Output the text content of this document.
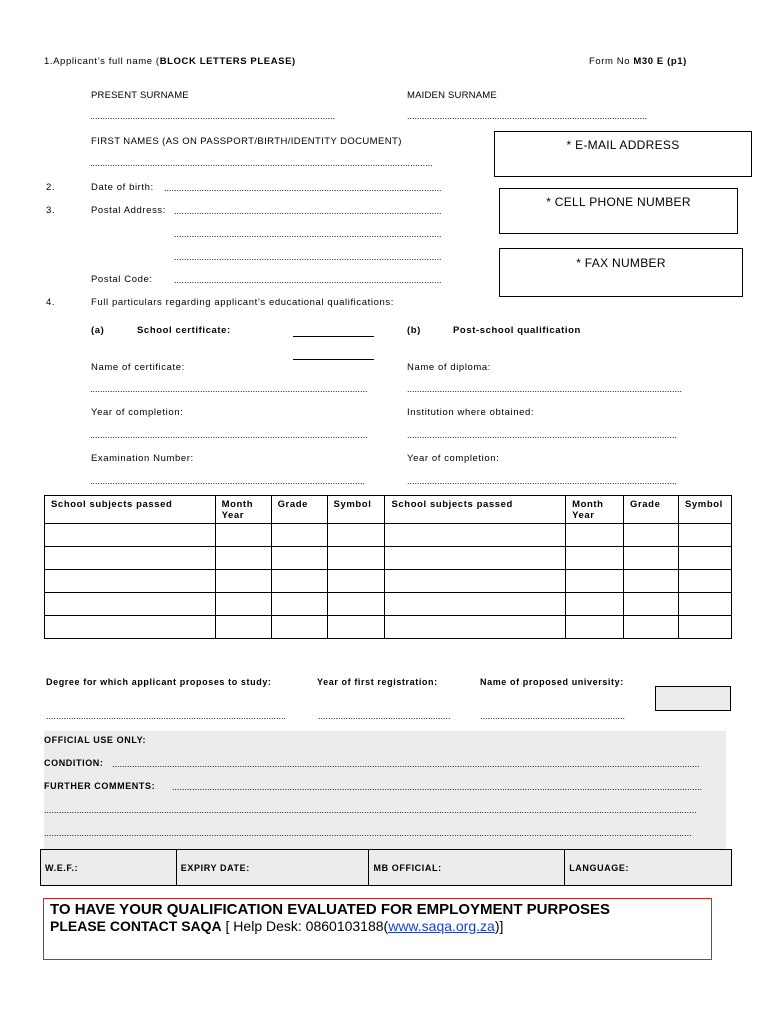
1.Applicant’s full name (BLOCK LETTERS PLEASE)	Form No M30 E (p1)
PRESENT SURNAME	MAIDEN SURNAME
..................................................................................................	................................................................................................
FIRST NAMES (AS ON PASSPORT/BIRTH/IDENTITY DOCUMENT)
.........................................................................................................................................
* E-MAIL ADDRESS
* CELL PHONE NUMBER
* FAX NUMBER
2.	Date of birth: ...............................................................................................................
3.	Postal Address: ...........................................................................................................
...........................................................................................................
...........................................................................................................
Postal Code: ...........................................................................................................
4.	Full particulars regarding applicant’s educational qualifications:
(a)	School certificate:	(b)	Post-school qualification
Name of certificate:	Name of diploma:
...............................................................................................................	..............................................................................................................
Year of completion:	Institution where obtained:
...............................................................................................................	............................................................................................................
Examination Number:	Year of completion:
..............................................................................................................	............................................................................................................
School subjects passed	Month Year	Grade	Symbol	School subjects passed	Month Year	Grade	Symbol

Degree for which applicant proposes to study:	Year of first registration:	Name of proposed university:
................................................................................................	.....................................................	..........................................................
OFFICIAL USE ONLY:
CONDITION: ...........................................................................................................................................................................................................................................
FURTHER COMMENTS: ....................................................................................................................................................................................................................
.....................................................................................................................................................................................................................................................................
...................................................................................................................................................................................................................................................................
W.E.F.:	EXPIRY DATE:	MB OFFICIAL:	LANGUAGE:
TO HAVE YOUR QUALIFICATION EVALUATED FOR EMPLOYMENT PURPOSES
PLEASE CONTACT SAQA [ Help Desk: 0860103188(www.saqa.org.za)]
